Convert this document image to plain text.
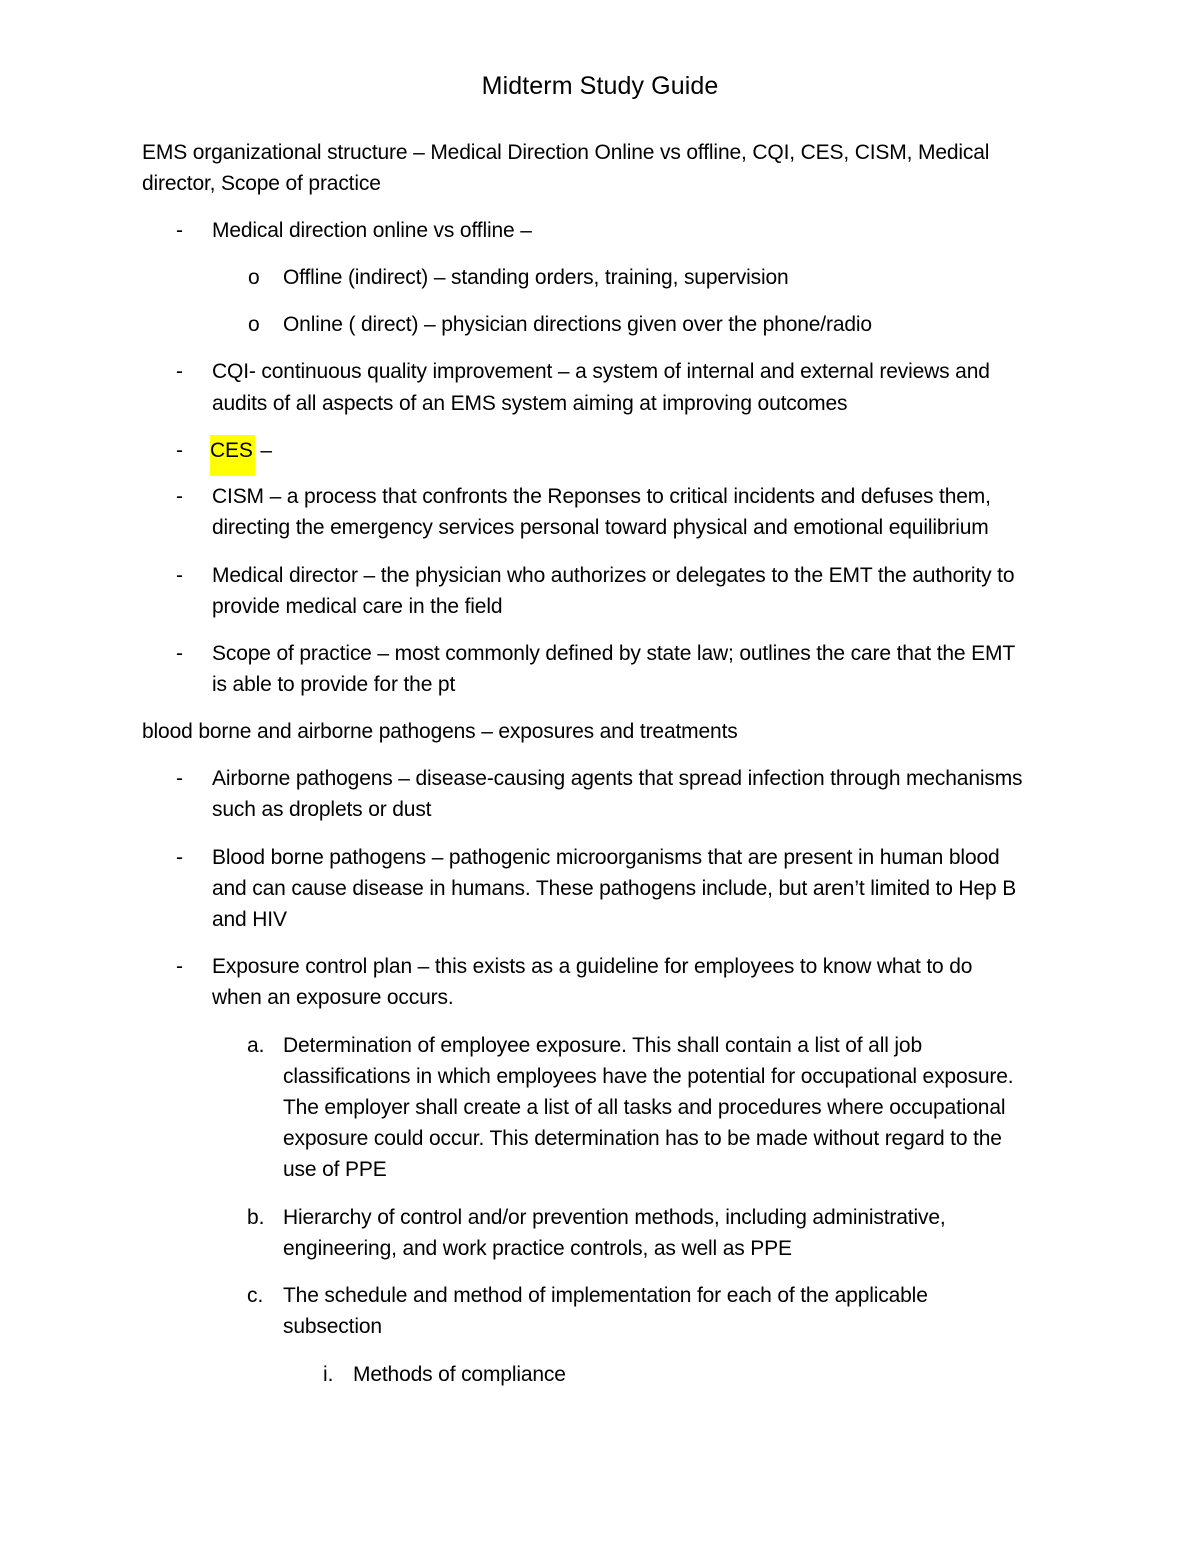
Midterm Study Guide
EMS organizational structure – Medical Direction Online vs offline, CQI, CES, CISM, Medical
director, Scope of practice
- Medical direction online vs offline –
o Offline (indirect) – standing orders, training, supervision
o Online ( direct) – physician directions given over the phone/radio
- CQI- continuous quality improvement – a system of internal and external reviews and
audits of all aspects of an EMS system aiming at improving outcomes
- CES –
- CISM – a process that confronts the Reponses to critical incidents and defuses them,
directing the emergency services personal toward physical and emotional equilibrium
- Medical director – the physician who authorizes or delegates to the EMT the authority to
provide medical care in the field
- Scope of practice – most commonly defined by state law; outlines the care that the EMT
is able to provide for the pt
blood borne and airborne pathogens – exposures and treatments
- Airborne pathogens – disease-causing agents that spread infection through mechanisms
such as droplets or dust
- Blood borne pathogens – pathogenic microorganisms that are present in human blood
and can cause disease in humans. These pathogens include, but aren’t limited to Hep B
and HIV
- Exposure control plan – this exists as a guideline for employees to know what to do
when an exposure occurs.
a. Determination of employee exposure. This shall contain a list of all job
classifications in which employees have the potential for occupational exposure.
The employer shall create a list of all tasks and procedures where occupational
exposure could occur. This determination has to be made without regard to the
use of PPE
b. Hierarchy of control and/or prevention methods, including administrative,
engineering, and work practice controls, as well as PPE
c. The schedule and method of implementation for each of the applicable
subsection
i. Methods of compliance
